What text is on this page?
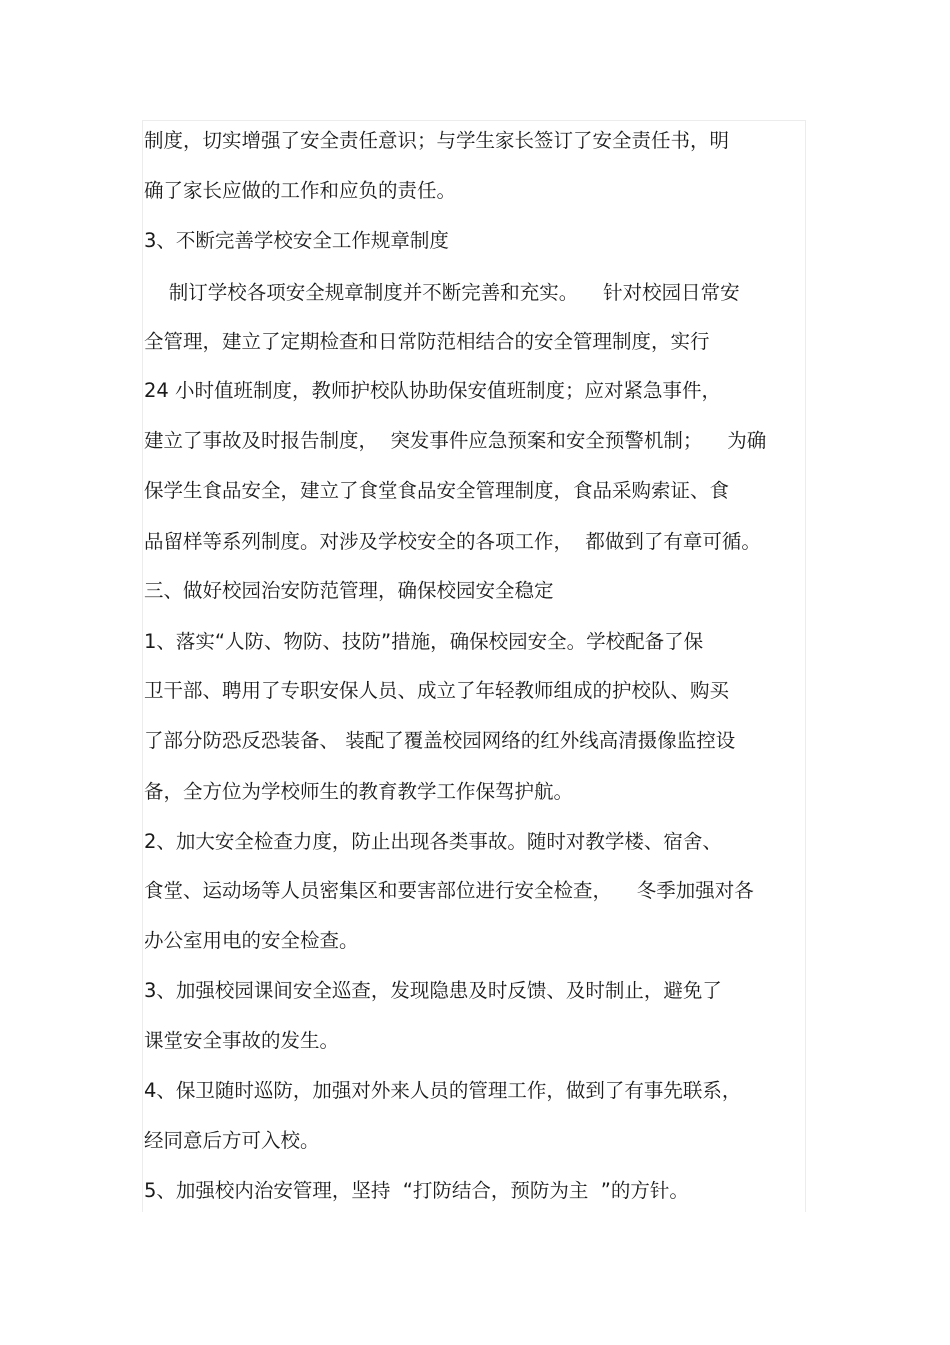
制度，切实增强了安全责任意识；与学生家长签订了安全责任书，明
确了家长应做的工作和应负的责任。
3、不断完善学校安全工作规章制度
制订学校各项安全规章制度并不断完善和充实。    针对校园日常安
全管理，建立了定期检查和日常防范相结合的安全管理制度，实行
24 小时值班制度，教师护校队协助保安值班制度；应对紧急事件，
建立了事故及时报告制度，  突发事件应急预案和安全预警机制；    为确
保学生食品安全，建立了食堂食品安全管理制度，食品采购索证、食
品留样等系列制度。对涉及学校安全的各项工作，  都做到了有章可循。
三、做好校园治安防范管理，确保校园安全稳定
1、落实“人防、物防、技防”措施，确保校园安全。学校配备了保
卫干部、聘用了专职安保人员、成立了年轻教师组成的护校队、购买
了部分防恐反恐装备、 装配了覆盖校园网络的红外线高清摄像监控设
备，全方位为学校师生的教育教学工作保驾护航。
2、加大安全检查力度，防止出现各类事故。随时对教学楼、宿舍、
食堂、运动场等人员密集区和要害部位进行安全检查，    冬季加强对各
办公室用电的安全检查。
3、加强校园课间安全巡查，发现隐患及时反馈、及时制止，避免了
课堂安全事故的发生。
4、保卫随时巡防，加强对外来人员的管理工作，做到了有事先联系，
经同意后方可入校。
5、加强校内治安管理，坚持  “打防结合，预防为主  ”的方针。
